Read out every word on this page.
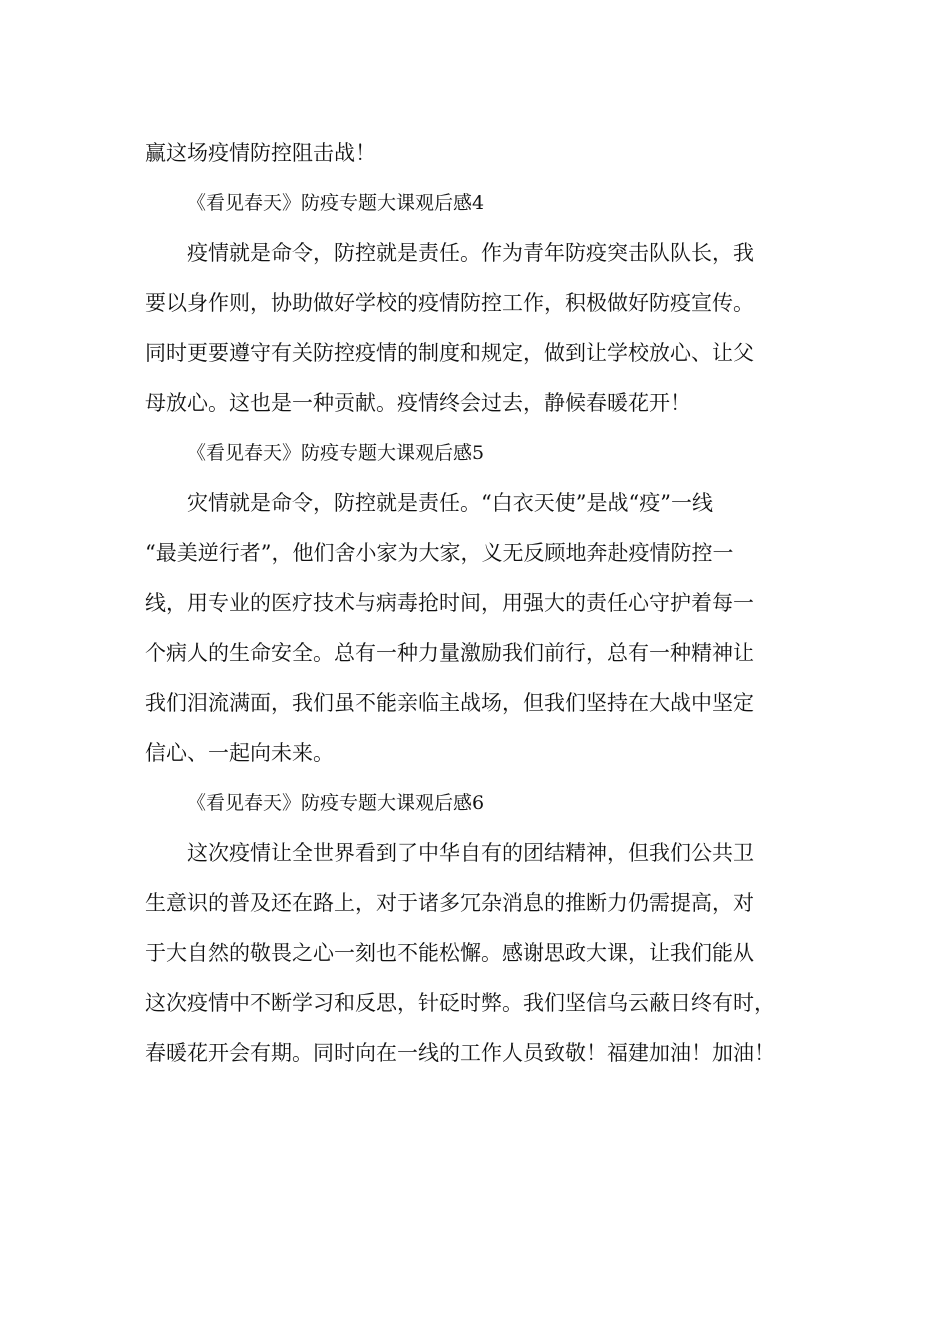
赢这场疫情防控阻击战！
《看见春天》防疫专题大课观后感4
疫情就是命令，防控就是责任。作为青年防疫突击队队长，我
要以身作则，协助做好学校的疫情防控工作，积极做好防疫宣传。
同时更要遵守有关防控疫情的制度和规定，做到让学校放心、让父
母放心。这也是一种贡献。疫情终会过去，静候春暖花开！
《看见春天》防疫专题大课观后感5
灾情就是命令，防控就是责任。“白衣天使”是战“疫”一线
“最美逆行者”，他们舍小家为大家，义无反顾地奔赴疫情防控一
线，用专业的医疗技术与病毒抢时间，用强大的责任心守护着每一
个病人的生命安全。总有一种力量激励我们前行，总有一种精神让
我们泪流满面，我们虽不能亲临主战场，但我们坚持在大战中坚定
信心、一起向未来。
《看见春天》防疫专题大课观后感6
这次疫情让全世界看到了中华自有的团结精神，但我们公共卫
生意识的普及还在路上，对于诸多冗杂消息的推断力仍需提高，对
于大自然的敬畏之心一刻也不能松懈。感谢思政大课，让我们能从
这次疫情中不断学习和反思，针砭时弊。我们坚信乌云蔽日终有时，
春暖花开会有期。同时向在一线的工作人员致敬！福建加油！加油！
